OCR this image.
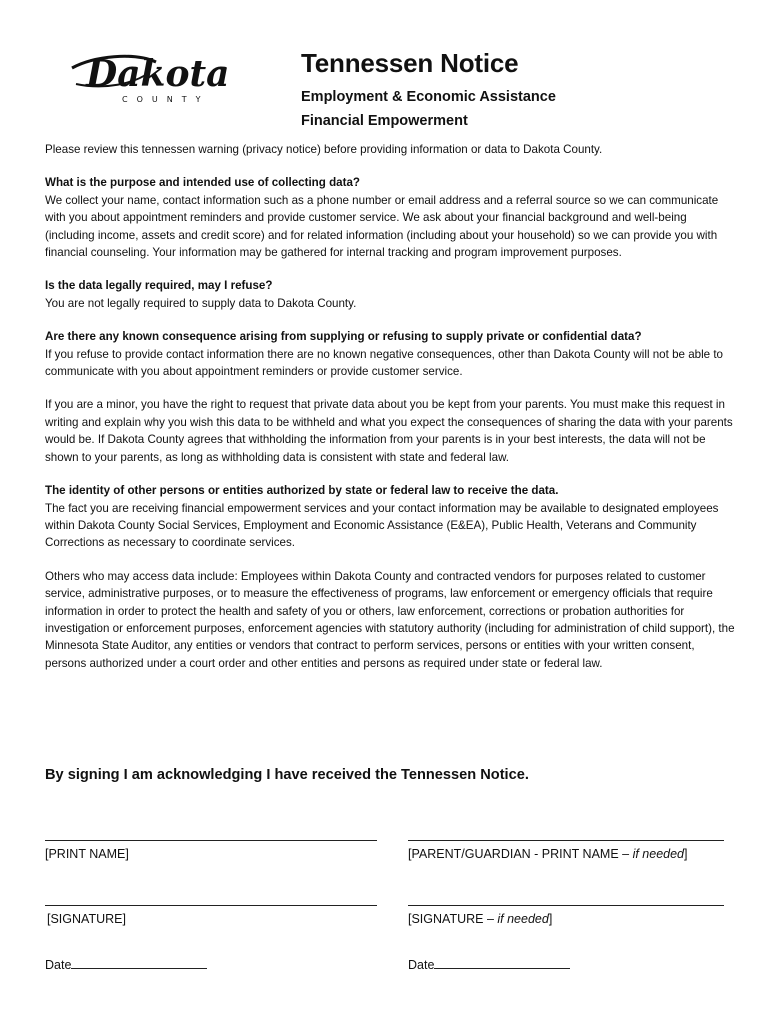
Dakota
COUNTY
Tennessen Notice
Employment & Economic Assistance
Financial Empowerment

Please review this tennessen warning (privacy notice) before providing information or data to Dakota County.

What is the purpose and intended use of collecting data?

We collect your name, contact information such as a phone number or email address and a referral source so we can communicate with you about appointment reminders and provide customer service. We ask about your financial background and well-being (including income, assets and credit score) and for related information (including about your household) so we can provide you with financial counseling. Your information may be gathered for internal tracking and program improvement purposes.

Is the data legally required, may I refuse?

You are not legally required to supply data to Dakota County.

Are there any known consequence arising from supplying or refusing to supply private or confidential data?

If you refuse to provide contact information there are no known negative consequences, other than Dakota County will not be able to communicate with you about appointment reminders or provide customer service.

If you are a minor, you have the right to request that private data about you be kept from your parents. You must make this request in writing and explain why you wish this data to be withheld and what you expect the consequences of sharing the data with your parents would be. If Dakota County agrees that withholding the information from your parents is in your best interests, the data will not be shown to your parents, as long as withholding data is consistent with state and federal law.

The identity of other persons or entities authorized by state or federal law to receive the data.

The fact you are receiving financial empowerment services and your contact information may be available to designated employees within Dakota County Social Services, Employment and Economic Assistance (E&EA), Public Health, Veterans and Community Corrections as necessary to coordinate services.

Others who may access data include: Employees within Dakota County and contracted vendors for purposes related to customer service, administrative purposes, or to measure the effectiveness of programs, law enforcement or emergency officials that require information in order to protect the health and safety of you or others, law enforcement, corrections or probation authorities for investigation or enforcement purposes, enforcement agencies with statutory authority (including for administration of child support), the Minnesota State Auditor, any entities or vendors that contract to perform services, persons or entities with your written consent, persons authorized under a court order and other entities and persons as required under state or federal law.

By signing I am acknowledging I have received the Tennessen Notice.
[PRINT NAME]	[PARENT/GUARDIAN - PRINT NAME – if needed]
[SIGNATURE]	[SIGNATURE – if needed]
Date	Date
